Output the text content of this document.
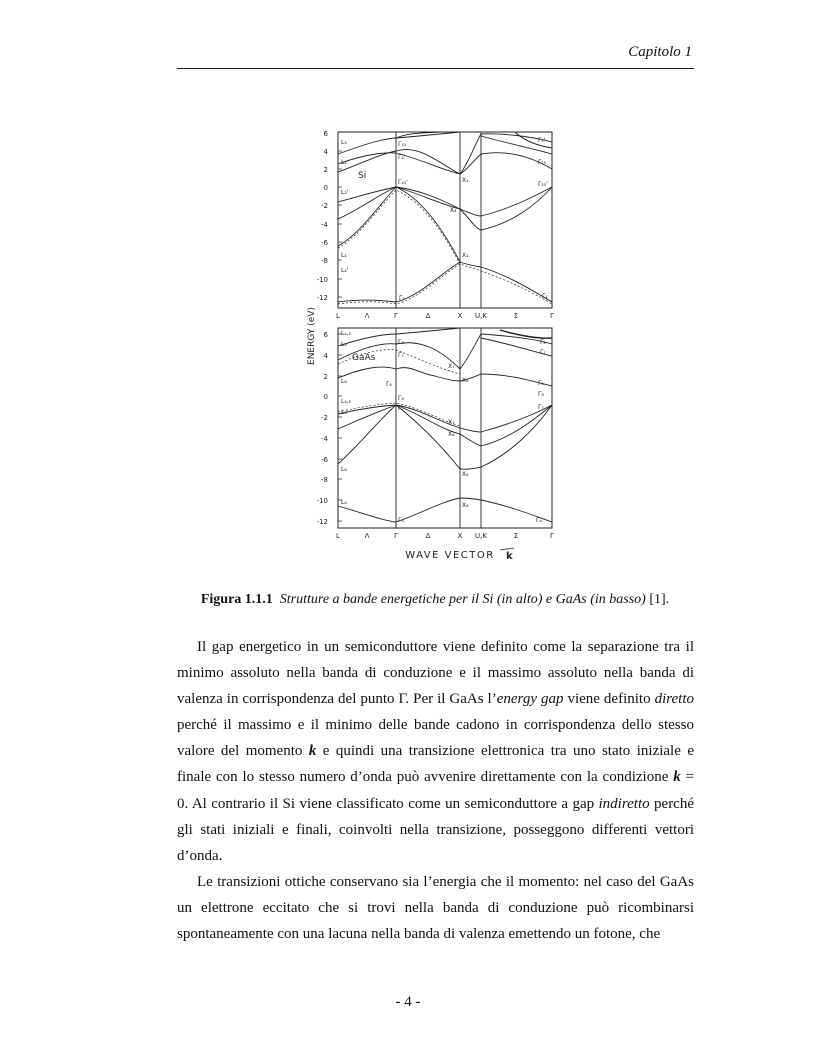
Capitolo 1
ENERGY (eV)
6
4
2
0
-2
-4
-6
-8
-10
-12
Si
L	Λ	Γ	Δ	X U,K	Σ	Γ
L₃
L₁
L₃'
L₁
L₂'
Γ₁₅
Γ₂'
Γ₂₅'	X₁
X₄
X₁
Γ₁	Γ₁
Γ₂₅'
Γ₁₅
Γ₂'
6
4
2
0
-2
-4
-6
-8
-10
-12
GaAs
L	Λ	Γ	Δ	X U,K	Σ	Γ
L₄,₅
L₆
L₆
L₄,₅
L₆
L₆
L₆
Γ₈
Γ₇
Γ₆
Γ₈
Γ₇
Γ₆
X₇
X₆
X₇
X₆
X₆
X₆
Γ₈
Γ₇
Γ₆
Γ₈
Γ₇
Γ₆
WAVE VECTOR k
Figura 1.1.1 Strutture a bande energetiche per il Si (in alto) e GaAs (in basso) [1].

Il gap energetico in un semiconduttore viene definito come la separazione tra il minimo assoluto nella banda di conduzione e il massimo assoluto nella banda di valenza in corrispondenza del punto Γ. Per il GaAs l’energy gap viene definito diretto perché il massimo e il minimo delle bande cadono in corrispondenza dello stesso valore del momento k e quindi una transizione elettronica tra uno stato iniziale e finale con lo stesso numero d’onda può avvenire direttamente con la condizione k = 0. Al contrario il Si viene classificato come un semiconduttore a gap indiretto perché gli stati iniziali e finali, coinvolti nella transizione, posseggono differenti vettori d’onda.

Le transizioni ottiche conservano sia l’energia che il momento: nel caso del GaAs un elettrone eccitato che si trovi nella banda di conduzione può ricombinarsi spontaneamente con una lacuna nella banda di valenza emettendo un fotone, che

- 4 -
